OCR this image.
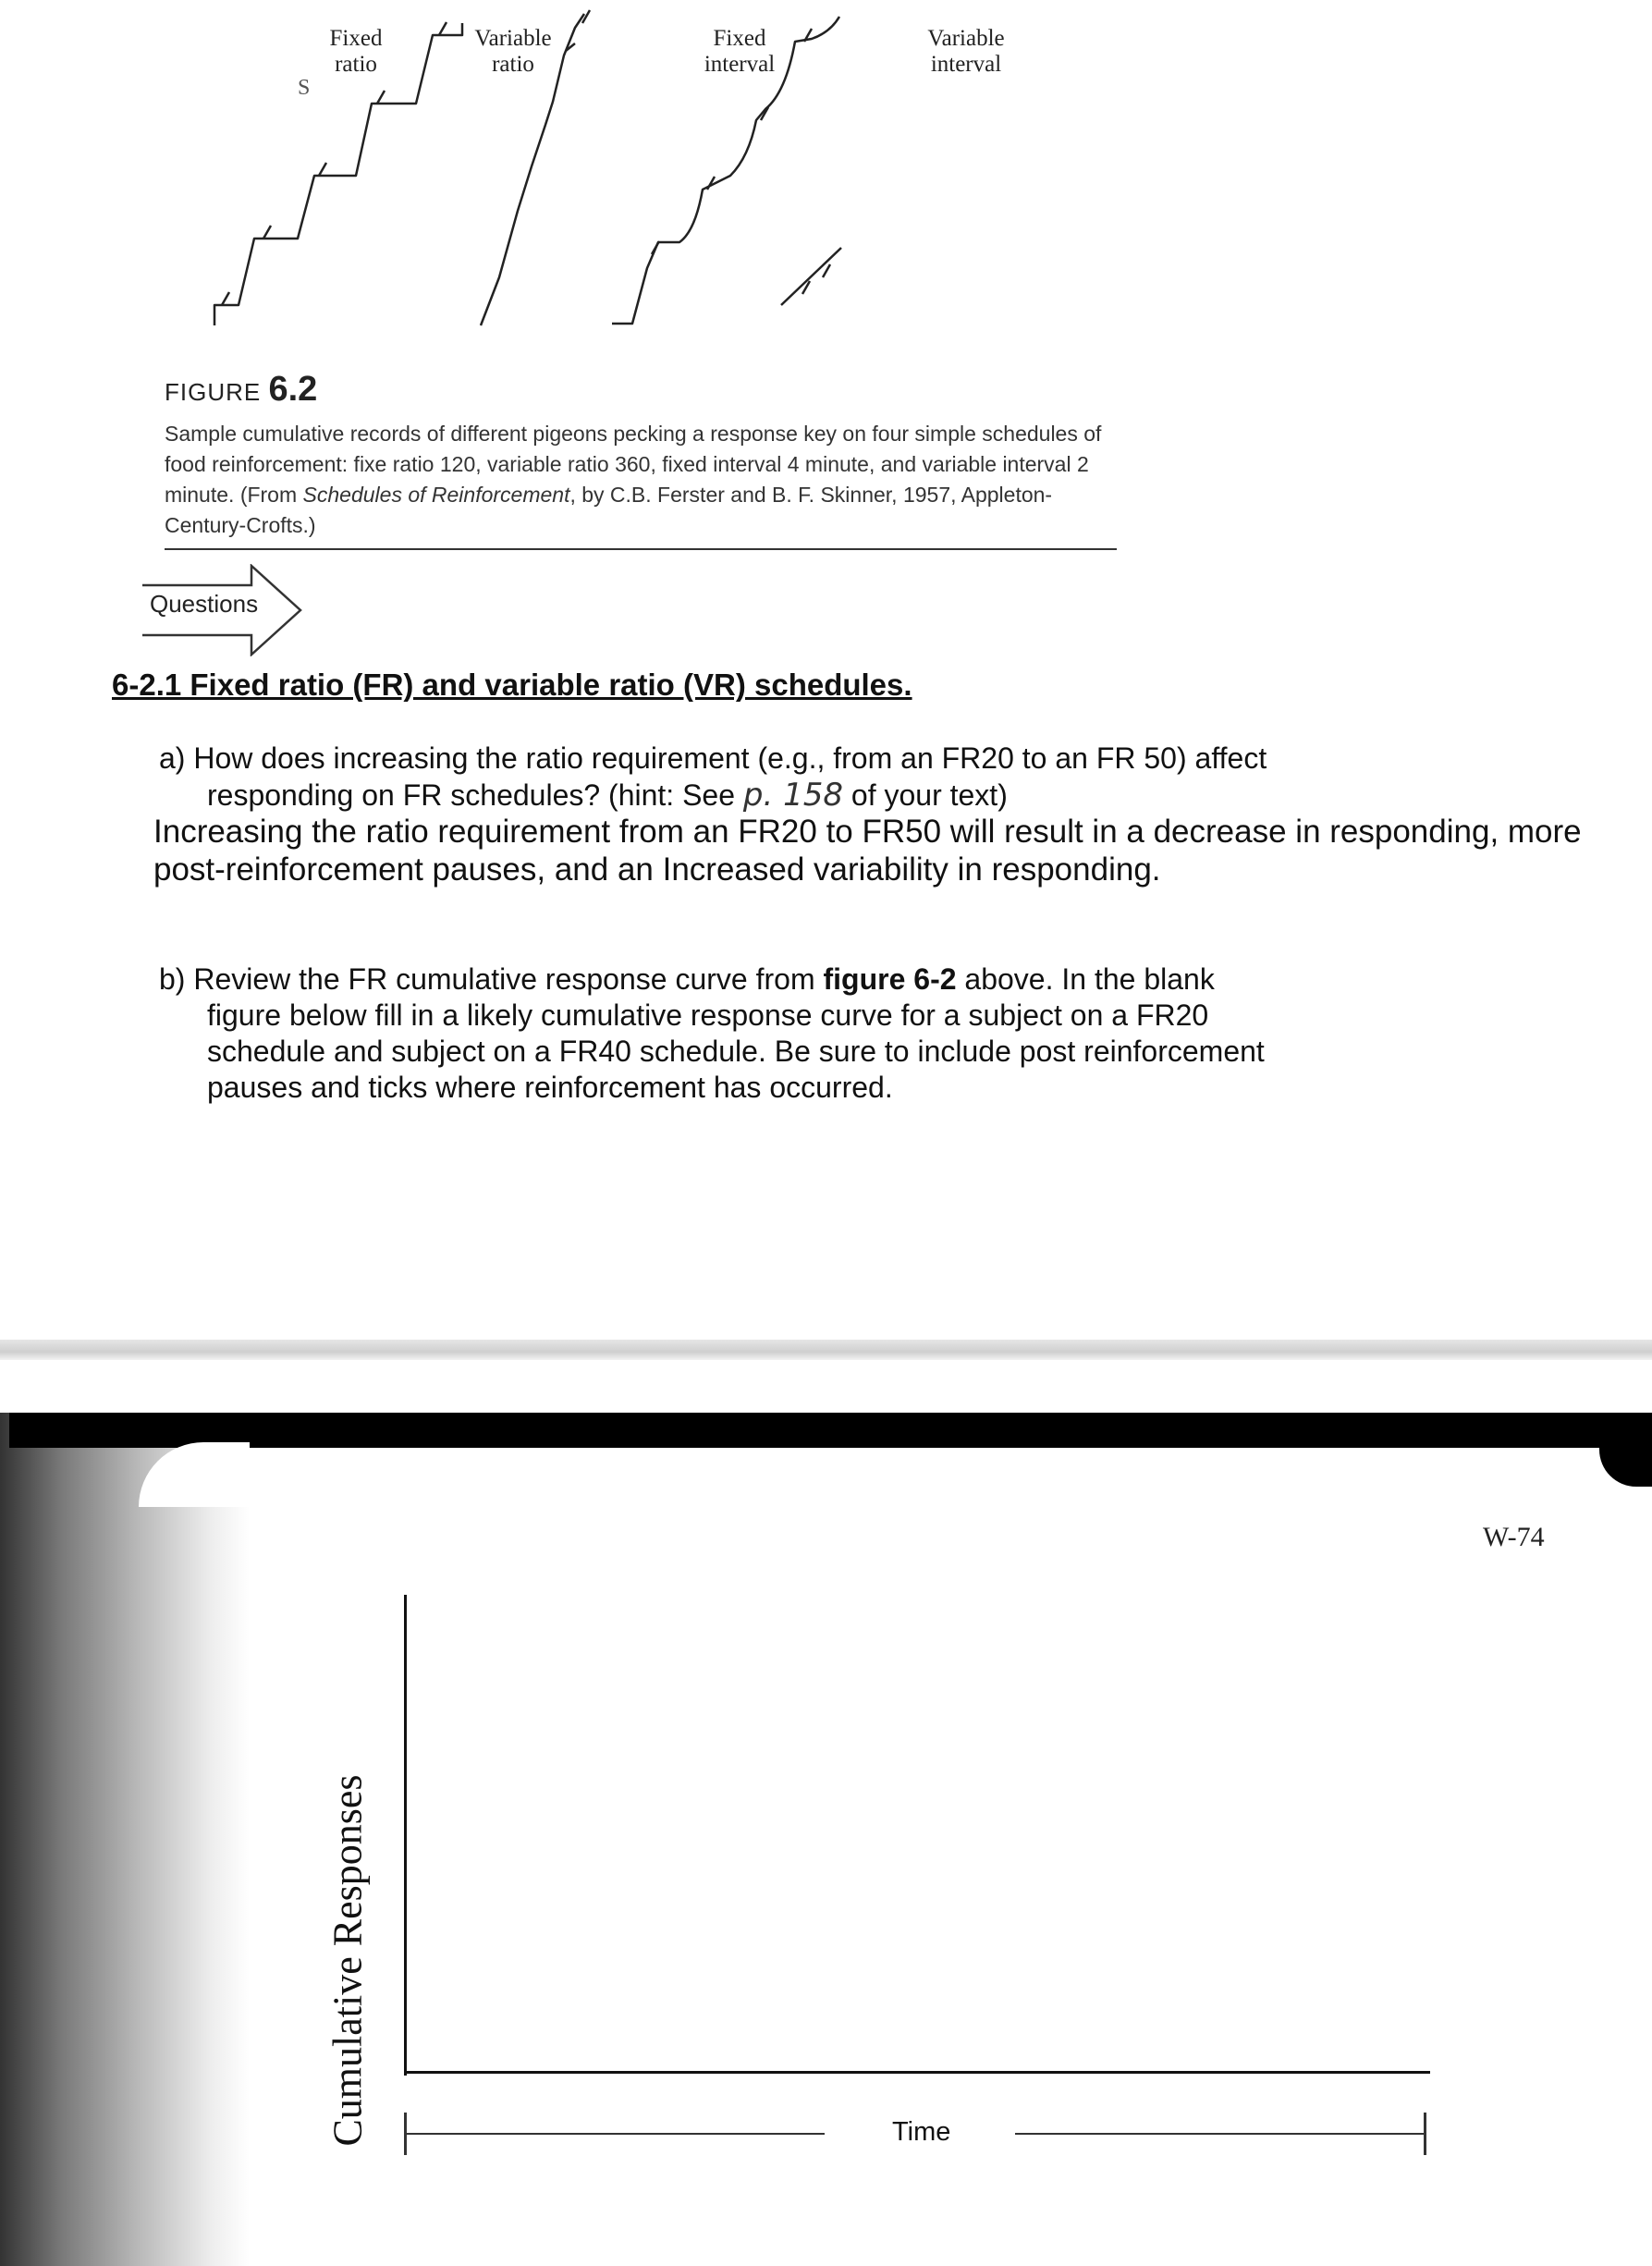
S
Fixed
ratio
Variable
ratio
Fixed
interval
Variable
interval
FIGURE 6.2
Sample cumulative records of different pigeons pecking a response key on four simple schedules of food reinforcement: fixe ratio 120, variable ratio 360, fixed interval 4 minute, and variable interval 2 minute. (From Schedules of Reinforcement, by C.B. Ferster and B. F. Skinner, 1957, Appleton-Century-Crofts.)
Questions
6-2.1 Fixed ratio (FR) and variable ratio (VR) schedules.
a) How does increasing the ratio requirement (e.g., from an FR20 to an FR 50) affect responding on FR schedules? (hint: See p. 158 of your text)
Increasing the ratio requirement from an FR20 to FR50 will result in a decrease in responding, more post-reinforcement pauses, and an Increased variability in responding.
b) Review the FR cumulative response curve from figure 6-2 above. In the blank figure below fill in a likely cumulative response curve for a subject on a FR20 schedule and subject on a FR40 schedule. Be sure to include post reinforcement pauses and ticks where reinforcement has occurred.
W-74
Cumulative Responses	Time
